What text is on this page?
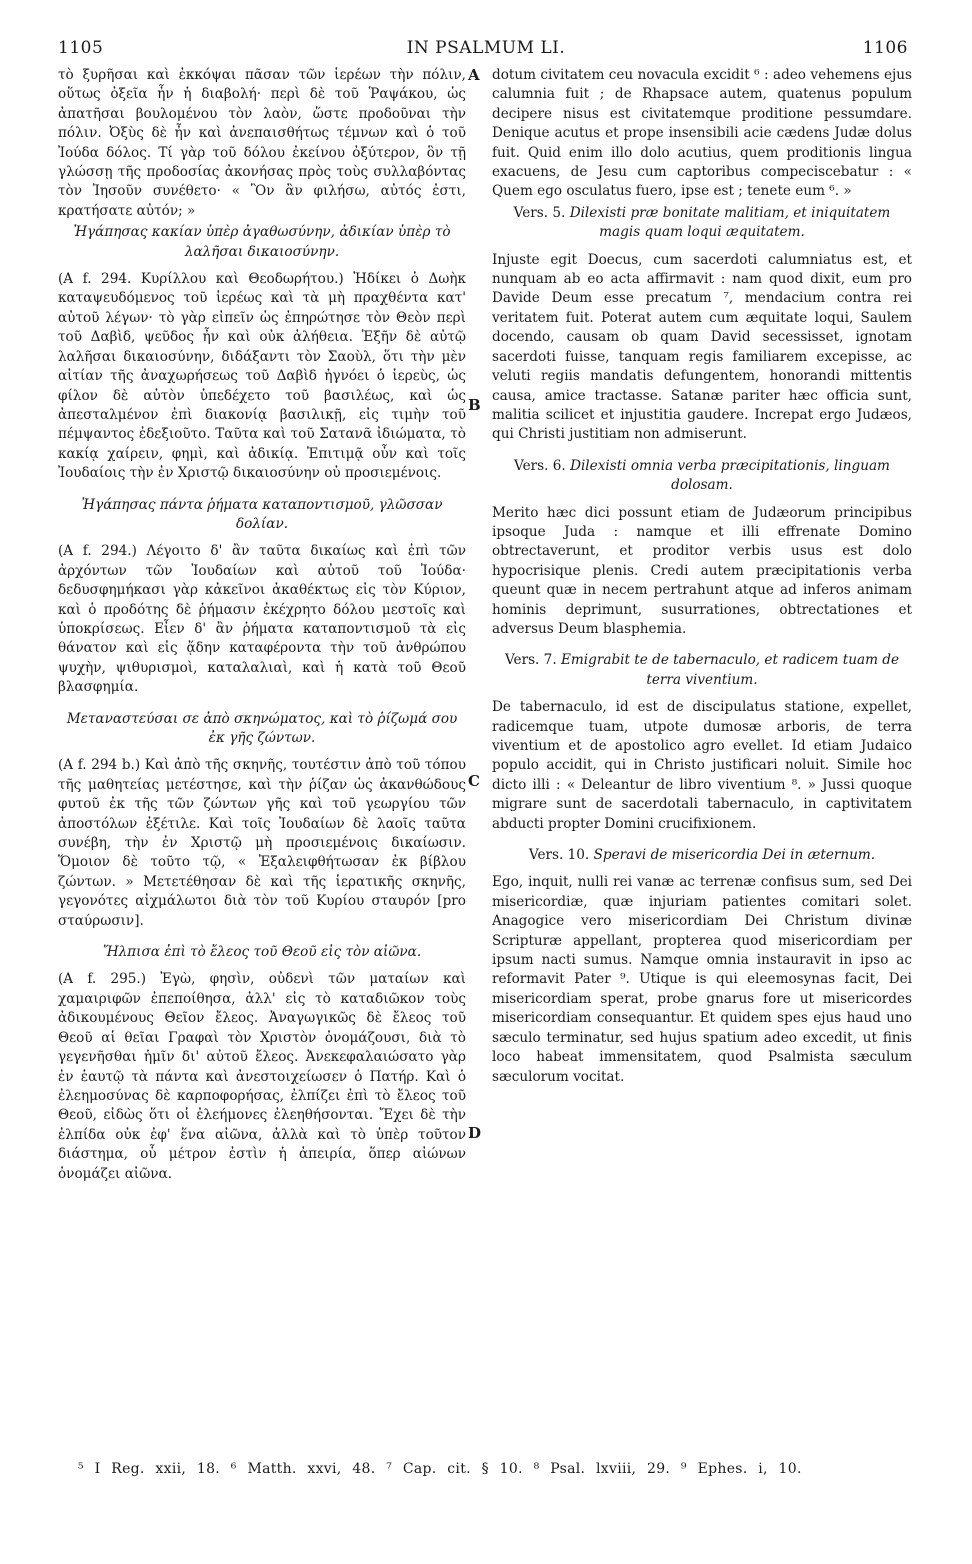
1105	IN PSALMUM LI.	1106
A
B
C
D

τὸ ξυρῆσαι καὶ ἐκκόψαι πᾶσαν τῶν ἱερέων τὴν πόλιν, οὕτως ὀξεῖα ἦν ἡ διαβολή· περὶ δὲ τοῦ Ῥαψάκου, ὡς ἀπατῆσαι βουλομένου τὸν λαὸν, ὥστε προδοῦναι τὴν πόλιν. Ὀξὺς δὲ ἦν καὶ ἀνεπαισθήτως τέμνων καὶ ὁ τοῦ Ἰούδα δόλος. Τί γὰρ τοῦ δόλου ἐκείνου ὀξύτερον, ὃν τῇ γλώσσῃ τῆς προδοσίας ἀκονήσας πρὸς τοὺς συλλαβόντας τὸν Ἰησοῦν συνέθετο· « Ὃν ἂν φιλήσω, αὐτός ἐστι, κρατήσατε αὐτόν; »

Ἠγάπησας κακίαν ὑπὲρ ἀγαθωσύνην, ἀδικίαν ὑπὲρ τὸ λαλῆσαι δικαιοσύνην.

(A f. 294. Κυρίλλου καὶ Θεοδωρήτου.) Ἠδίκει ὁ Δωὴκ καταψευδόμενος τοῦ ἱερέως καὶ τὰ μὴ πραχθέντα κατ' αὐτοῦ λέγων· τὸ γὰρ εἰπεῖν ὡς ἐπηρώτησε τὸν Θεὸν περὶ τοῦ Δαβὶδ, ψεῦδος ἦν καὶ οὐκ ἀλήθεια. Ἐξῆν δὲ αὐτῷ λαλῆσαι δικαιοσύνην, διδάξαντι τὸν Σαοὺλ, ὅτι τὴν μὲν αἰτίαν τῆς ἀναχωρήσεως τοῦ Δαβὶδ ἠγνόει ὁ ἱερεὺς, ὡς φίλον δὲ αὐτὸν ὑπεδέχετο τοῦ βασιλέως, καὶ ὡς ἀπεσταλμένον ἐπὶ διακονίᾳ βασιλικῇ, εἰς τιμὴν τοῦ πέμψαντος ἐδεξιοῦτο. Ταῦτα καὶ τοῦ Σατανᾶ ἰδιώματα, τὸ κακίᾳ χαίρειν, φημὶ, καὶ ἀδικίᾳ. Ἐπιτιμᾷ οὖν καὶ τοῖς Ἰουδαίοις τὴν ἐν Χριστῷ δικαιοσύνην οὐ προσιεμένοις.

Ἠγάπησας πάντα ῥήματα καταποντισμοῦ, γλῶσσαν δολίαν.

(A f. 294.) Λέγοιτο δ' ἂν ταῦτα δικαίως καὶ ἐπὶ τῶν ἀρχόντων τῶν Ἰουδαίων καὶ αὐτοῦ τοῦ Ἰούδα· δεδυσφημήκασι γὰρ κἀκεῖνοι ἀκαθέκτως εἰς τὸν Κύριον, καὶ ὁ προδότης δὲ ῥήμασιν ἐκέχρητο δόλου μεστοῖς καὶ ὑποκρίσεως. Εἶεν δ' ἂν ῥήματα καταποντισμοῦ τὰ εἰς θάνατον καὶ εἰς ᾅδην καταφέροντα τὴν τοῦ ἀνθρώπου ψυχὴν, ψιθυρισμοὶ, καταλαλιαὶ, καὶ ἡ κατὰ τοῦ Θεοῦ βλασφημία.

Μεταναστεύσαι σε ἀπὸ σκηνώματος, καὶ τὸ ῥίζωμά σου ἐκ γῆς ζώντων.

(A f. 294 b.) Καὶ ἀπὸ τῆς σκηνῆς, τουτέστιν ἀπὸ τοῦ τόπου τῆς μαθητείας μετέστησε, καὶ τὴν ῥίζαν ὡς ἀκανθώδους φυτοῦ ἐκ τῆς τῶν ζώντων γῆς καὶ τοῦ γεωργίου τῶν ἀποστόλων ἐξέτιλε. Καὶ τοῖς Ἰουδαίων δὲ λαοῖς ταῦτα συνέβη, τὴν ἐν Χριστῷ μὴ προσιεμένοις δικαίωσιν. Ὅμοιον δὲ τοῦτο τῷ, « Ἐξαλειφθήτωσαν ἐκ βίβλου ζώντων. » Μετετέθησαν δὲ καὶ τῆς ἱερατικῆς σκηνῆς, γεγονότες αἰχμάλωτοι διὰ τὸν τοῦ Κυρίου σταυρόν [pro σταύρωσιν].

Ἤλπισα ἐπὶ τὸ ἔλεος τοῦ Θεοῦ εἰς τὸν αἰῶνα.

(A f. 295.) Ἐγὼ, φησὶν, οὐδενὶ τῶν ματαίων καὶ χαμαιριφῶν ἐπεποίθησα, ἀλλ' εἰς τὸ καταδιῶκον τοὺς ἀδικουμένους Θεῖον ἔλεος. Ἀναγωγικῶς δὲ ἔλεος τοῦ Θεοῦ αἱ θεῖαι Γραφαὶ τὸν Χριστὸν ὀνομάζουσι, διὰ τὸ γεγενῆσθαι ἡμῖν δι' αὐτοῦ ἔλεος. Ἀνεκεφαλαιώσατο γὰρ ἐν ἑαυτῷ τὰ πάντα καὶ ἀνεστοιχείωσεν ὁ Πατήρ. Καὶ ὁ ἐλεημοσύνας δὲ καρποφορήσας, ἐλπίζει ἐπὶ τὸ ἔλεος τοῦ Θεοῦ, εἰδὼς ὅτι οἱ ἐλεήμονες ἐλεηθήσονται. Ἔχει δὲ τὴν ἐλπίδα οὐκ ἐφ' ἕνα αἰῶνα, ἀλλὰ καὶ τὸ ὑπὲρ τοῦτον διάστημα, οὗ μέτρον ἐστὶν ἡ ἀπειρία, ὅπερ αἰώνων ὀνομάζει αἰῶνα.

dotum civitatem ceu novacula excidit ⁶ : adeo vehemens ejus calumnia fuit ; de Rhapsace autem, quatenus populum decipere nisus est civitatemque proditione pessumdare. Denique acutus et prope insensibili acie cædens Judæ dolus fuit. Quid enim illo dolo acutius, quem proditionis lingua exacuens, de Jesu cum captoribus compeciscebatur : « Quem ego osculatus fuero, ipse est ; tenete eum ⁶. »

Vers. 5. Dilexisti præ bonitate malitiam, et iniquitatem magis quam loqui æquitatem.

Injuste egit Doecus, cum sacerdoti calumniatus est, et nunquam ab eo acta affirmavit : nam quod dixit, eum pro Davide Deum esse precatum ⁷, mendacium contra rei veritatem fuit. Poterat autem cum æquitate loqui, Saulem docendo, causam ob quam David secessisset, ignotam sacerdoti fuisse, tanquam regis familiarem excepisse, ac veluti regiis mandatis defungentem, honorandi mittentis causa, amice tractasse. Satanæ pariter hæc officia sunt, malitia scilicet et injustitia gaudere. Increpat ergo Judæos, qui Christi justitiam non admiserunt.

Vers. 6. Dilexisti omnia verba præcipitationis, linguam dolosam.

Merito hæc dici possunt etiam de Judæorum principibus ipsoque Juda : namque et illi effrenate Domino obtrectaverunt, et proditor verbis usus est dolo hypocrisique plenis. Credi autem præcipitationis verba queunt quæ in necem pertrahunt atque ad inferos animam hominis deprimunt, susurrationes, obtrectationes et adversus Deum blasphemia.

Vers. 7. Emigrabit te de tabernaculo, et radicem tuam de terra viventium.

De tabernaculo, id est de discipulatus statione, expellet, radicemque tuam, utpote dumosæ arboris, de terra viventium et de apostolico agro evellet. Id etiam Judaico populo accidit, qui in Christo justificari noluit. Simile hoc dicto illi : « Deleantur de libro viventium ⁸. » Jussi quoque migrare sunt de sacerdotali tabernaculo, in captivitatem abducti propter Domini crucifixionem.

Vers. 10. Speravi de misericordia Dei in æternum.

Ego, inquit, nulli rei vanæ ac terrenæ confisus sum, sed Dei misericordiæ, quæ injuriam patientes comitari solet. Anagogice vero misericordiam Dei Christum divinæ Scripturæ appellant, propterea quod misericordiam per ipsum nacti sumus. Namque omnia instauravit in ipso ac reformavit Pater ⁹. Utique is qui eleemosynas facit, Dei misericordiam sperat, probe gnarus fore ut misericordes misericordiam consequantur. Et quidem spes ejus haud uno sæculo terminatur, sed hujus spatium adeo excedit, ut finis loco habeat immensitatem, quod Psalmista sæculum sæculorum vocitat.

⁵ I Reg. xxii, 18. ⁶ Matth. xxvi, 48. ⁷ Cap. cit. § 10. ⁸ Psal. lxviii, 29. ⁹ Ephes. i, 10.
